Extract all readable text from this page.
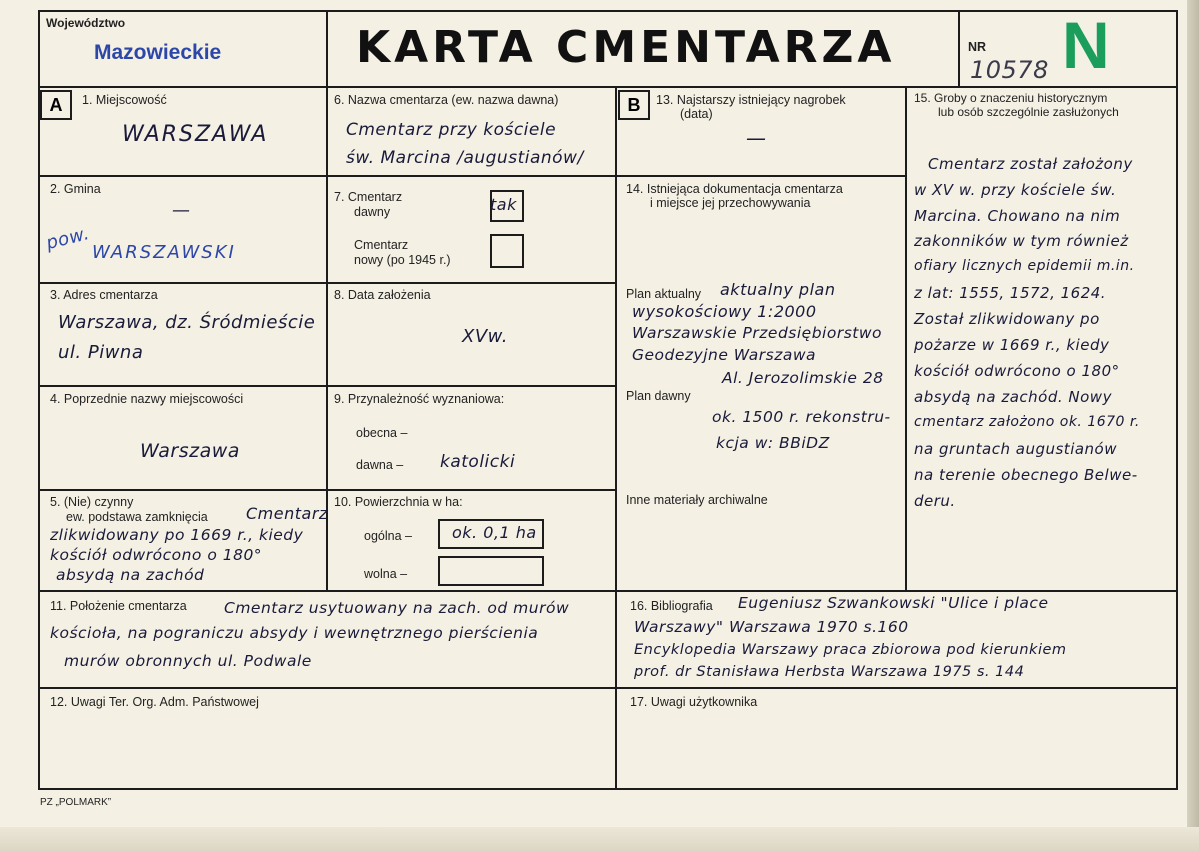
Województwo
Mazowieckie	KARTA CMENTARZA	NR
10578 N
A	1. Miejscowość
WARSZAWA
2. Gmina
—
pow. WARSZAWSKI
3. Adres cmentarza
Warszawa, dz. Śródmieście
ul. Piwna
4. Poprzednie nazwy miejscowości
Warszawa
5. (Nie) czynny
ew. podstawa zamknięcia Cmentarz
zlikwidowany po 1669 r., kiedy
kościół odwrócono o 180°
absydą na zachód
6. Nazwa cmentarza (ew. nazwa dawna)
Cmentarz przy kościele
św. Marcina /augustianów/
7. Cmentarz
dawny	tak
Cmentarz
nowy (po 1945 r.)
8. Data założenia
XVw.
9. Przynależność wyznaniowa:
obecna –
dawna – katolicki
10. Powierzchnia w ha:
ogólna –	ok. 0,1 ha
wolna –
B	13. Najstarszy istniejący nagrobek
(data)
—
14. Istniejąca dokumentacja cmentarza
i miejsce jej przechowywania
Plan aktualny aktualny plan
wysokościowy 1:2000
Warszawskie Przedsiębiorstwo
Geodezyjne Warszawa
Al. Jerozolimskie 28
Plan dawny
ok. 1500 r. rekonstru-
kcja w: BBiDZ
Inne materiały archiwalne
15. Groby o znaczeniu historycznym
lub osób szczególnie zasłużonych
Cmentarz został założony
w XV w. przy kościele św.
Marcina. Chowano na nim
zakonników w tym również
ofiary licznych epidemii m.in.
z lat: 1555, 1572, 1624.
Został zlikwidowany po
pożarze w 1669 r., kiedy
kościół odwrócono o 180°
absydą na zachód. Nowy
cmentarz założono ok. 1670 r.
na gruntach augustianów
na terenie obecnego Belwe-
deru.
11. Położenie cmentarza Cmentarz usytuowany na zach. od murów
kościoła, na pograniczu absydy i wewnętrznego pierścienia
murów obronnych ul. Podwale
16. Bibliografia Eugeniusz Szwankowski "Ulice i place
Warszawy" Warszawa 1970 s.160
Encyklopedia Warszawy praca zbiorowa pod kierunkiem
prof. dr Stanisława Herbsta Warszawa 1975 s. 144
12. Uwagi Ter. Org. Adm. Państwowej	17. Uwagi użytkownika
PZ „POLMARK”
